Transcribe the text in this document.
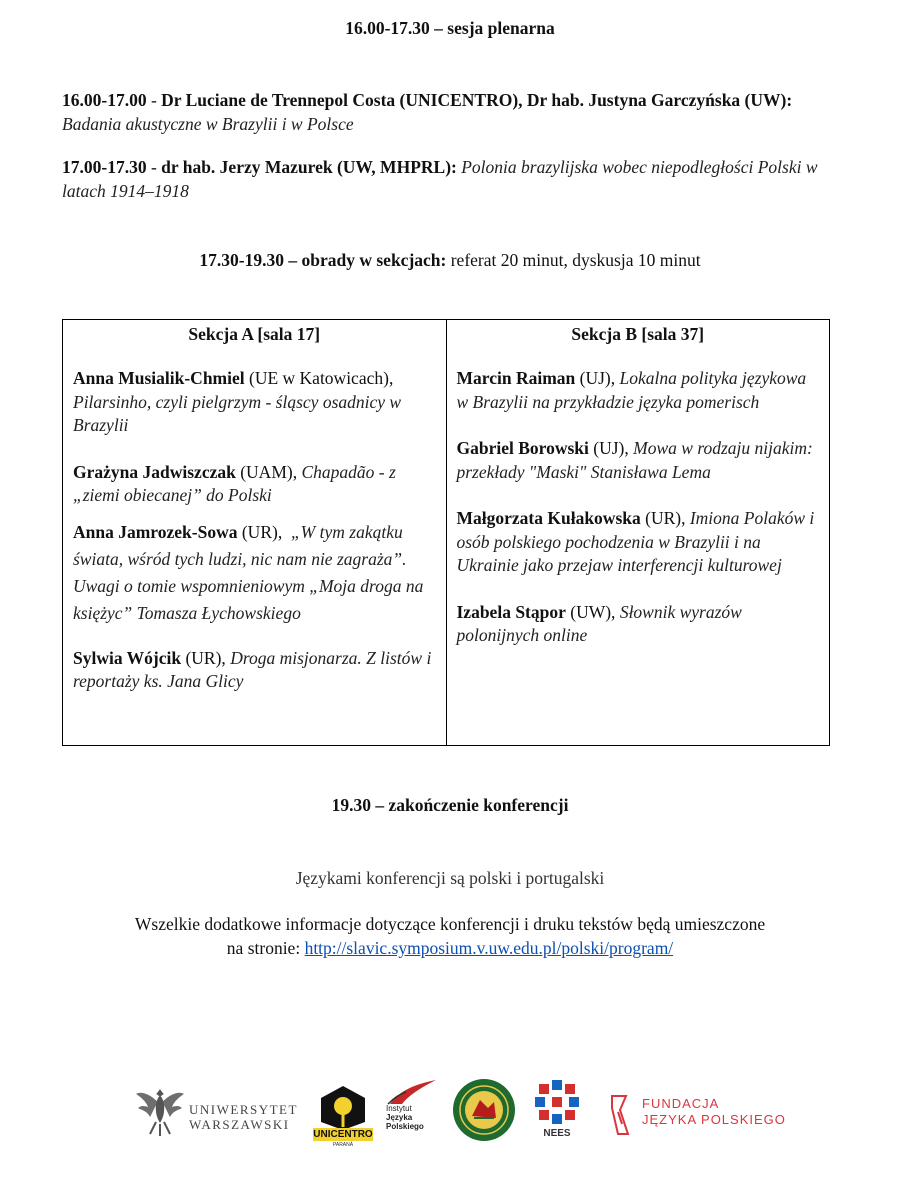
16.00-17.30 – sesja plenarna
16.00-17.00 - Dr Luciane de Trennepol Costa (UNICENTRO), Dr hab. Justyna Garczyńska (UW):  Badania akustyczne w Brazylii i w Polsce
17.00-17.30 - dr hab. Jerzy Mazurek (UW, MHPRL): Polonia brazylijska wobec niepodległości Polski w latach 1914–1918
17.30-19.30 – obrady w sekcjach: referat 20 minut, dyskusja 10 minut
Sekcja A [sala 17]
Anna Musialik-Chmiel (UE w Katowicach), Pilarsinho, czyli pielgrzym - śląscy osadnicy w Brazylii
Grażyna Jadwiszczak (UAM), Chapadão - z „ziemi obiecanej” do Polski
Anna Jamrozek-Sowa (UR), „W tym zakątku świata, wśród tych ludzi, nic nam nie zagraża”. Uwagi o tomie wspomnieniowym „Moja droga na księżyc” Tomasza Łychowskiego
Sylwia Wójcik (UR), Droga misjonarza. Z listów i reportaży ks. Jana Glicy

Sekcja B [sala 37]
Marcin Raiman (UJ), Lokalna polityka językowa w Brazylii na przykładzie języka pomerisch
Gabriel Borowski (UJ), Mowa w rodzaju nijakim: przekłady "Maski" Stanisława Lema
Małgorzata Kułakowska (UR), Imiona Polaków i osób polskiego pochodzenia w Brazylii i na Ukrainie jako przejaw interferencji kulturowej
Izabela Stąpor (UW), Słownik wyrazów polonijnych online
19.30 – zakończenie konferencji
Językami konferencji są polski i portugalski
Wszelkie dodatkowe informacje dotyczące konferencji i druku tekstów będą umieszczone
na stronie: http://slavic.symposium.v.uw.edu.pl/polski/program/
UNIWERSYTET
WARSZAWSKI
UNICENTRO
PARANÁ
Instytut
Języka
Polskiego
NEES
FUNDACJA
JĘZYKA POLSKIEGO
